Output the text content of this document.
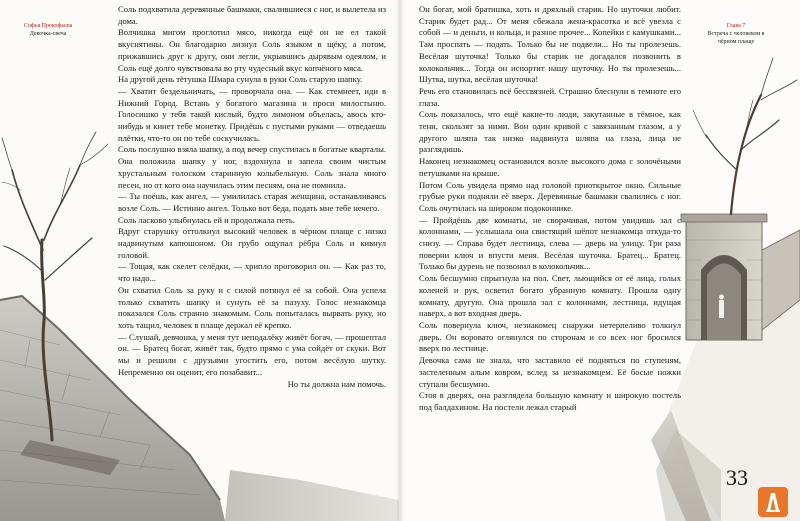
Софья Прокофьева
Девочка-свеча

Соль подхватила деревянные башмаки, свалившиеся с ног, и вылетела из дома.

Волчишка мигом проглотил мясо, никогда ещё он не ел такой вкуснятины. Он благодарно лизнул Соль языком в щёку, а потом, прижавшись друг к другу, они легли, укрывшись дырявым одеялом, и Соль ещё долго чувствовала во рту чудесный вкус копчёного мяса.

На другой день тётушка Шмара сунула в руки Соль старую шапку.

— Хватит бездельничать, — проворчала она. — Как стемнеет, иди в Нижний Город. Встань у богатого магазина и проси милостыню. Голосишко у тебя такой кислый, будто лимоном объелась, авось кто-нибудь и кинет тебе монетку. Придёшь с пустыми руками — отведаешь плётки, что-то он по тебе соскучилась.

Соль послушно взяла шапку, а под вечер спустилась в богатые кварталы. Она положила шапку у ног, вздохнула и запела своим чистым хрустальным голоском старинную колыбельную. Соль знала много песен, но от кого она научилась этим песням, она не помнила.

— Ты поёшь, как ангел, — умилилась старая женщина, останавливаясь возле Соль. — Истинно ангел. Только вот беда, подать мне тебе нечего.

Соль ласково улыбнулась ей и продолжала петь.

Вдруг старушку оттолкнул высокий человек в чёрном плаще с низко надвинутым капюшоном. Он грубо ощупал рёбра Соль и кивнул головой.

— Тощая, как скелет селёдки, — хрипло проговорил он. — Как раз то, что надо...

Он схватил Соль за руку и с силой потянул её за собой. Она успела только схватить шапку и сунуть её за пазуху. Голос незнакомца показался Соль странно знакомым. Соль попыталась вырвать руку, но хоть тащил, человек в плаще держал её крепко.

— Слушай, девчонка, у меня тут неподалёку живёт богач, — прошептал он. — Братец богат, живёт так, будто прямо с ума сойдёт от скуки. Вот мы и решили с друзьями угостить его, потом весёлую шутку. Непременно он оценит, его позабавит...

Но ты должна нам помочь.

Глава 7
Встреча с человеком в чёрном плаще

Он богат, мой братишка, хоть и дряхлый старик. Но шуточки любит. Старик будет рад... От меня сбежала жена-красотка и всё увезла с собой — и деньги, и кольца, и разное прочее... Копейки с камушками... Там проспать — подать. Только бы не подвели... Но ты пролезешь. Весёлая шуточка! Только бы старик не догадался позвонить в колокольчик... Тогда он испортит нашу шуточку. Но ты пролезешь... Шутка, шутка, весёлая шуточка!

Речь его становилась всё бессвязней. Страшно блеснули в темноте его глаза.

Соль показалось, что ещё какие-то люди, закутанные в тёмное, как тени, скользят за ними. Вон один кривой с завязанным глазом, а у другого шляпа так низко надвинута шляпа на глаза, лица не разглядишь.

Наконец незнакомец остановился возле высокого дома с золочёными петушками на крыше.

Потом Соль увидела прямо над головой приоткрытое окно. Сильные грубые руки подняли её вверх. Деревянные башмаки свалились с ног. Соль очутилась на широком подоконнике.

— Пройдёшь две комнаты, не сворачивая, потом увидишь зал с колоннами, — услышала она свистящий шёпот незнакомца откуда-то снизу. — Справа будет лестница, слева — дверь на улицу. Три раза поверни ключ и впусти меня. Весёлая шуточка. Братец... Братец. Только бы дурень не позвонил в колокольчик...

Соль бесшумно спрыгнула на пол. Свет, льющийся от её лица, голых коленей и рук, осветил богато убранную комнату. Прошла одну комнату, другую. Она прошла зал с колоннами, лестница, идущая наверх, а вот входная дверь.

Соль повернула ключ, незнакомец снаружи нетерпеливо толкнул дверь. Он воровато оглянулся по сторонам и со всех ног бросился вверх по лестнице.

Девочка сама не знала, что заставило её подняться по ступеням, застеленным алым ковром, вслед за незнакомцем. Её босые ножки ступали бесшумно.

Стоя в дверях, она разглядела большую комнату и широкую постель под балдахином. На постели лежал старый

33
